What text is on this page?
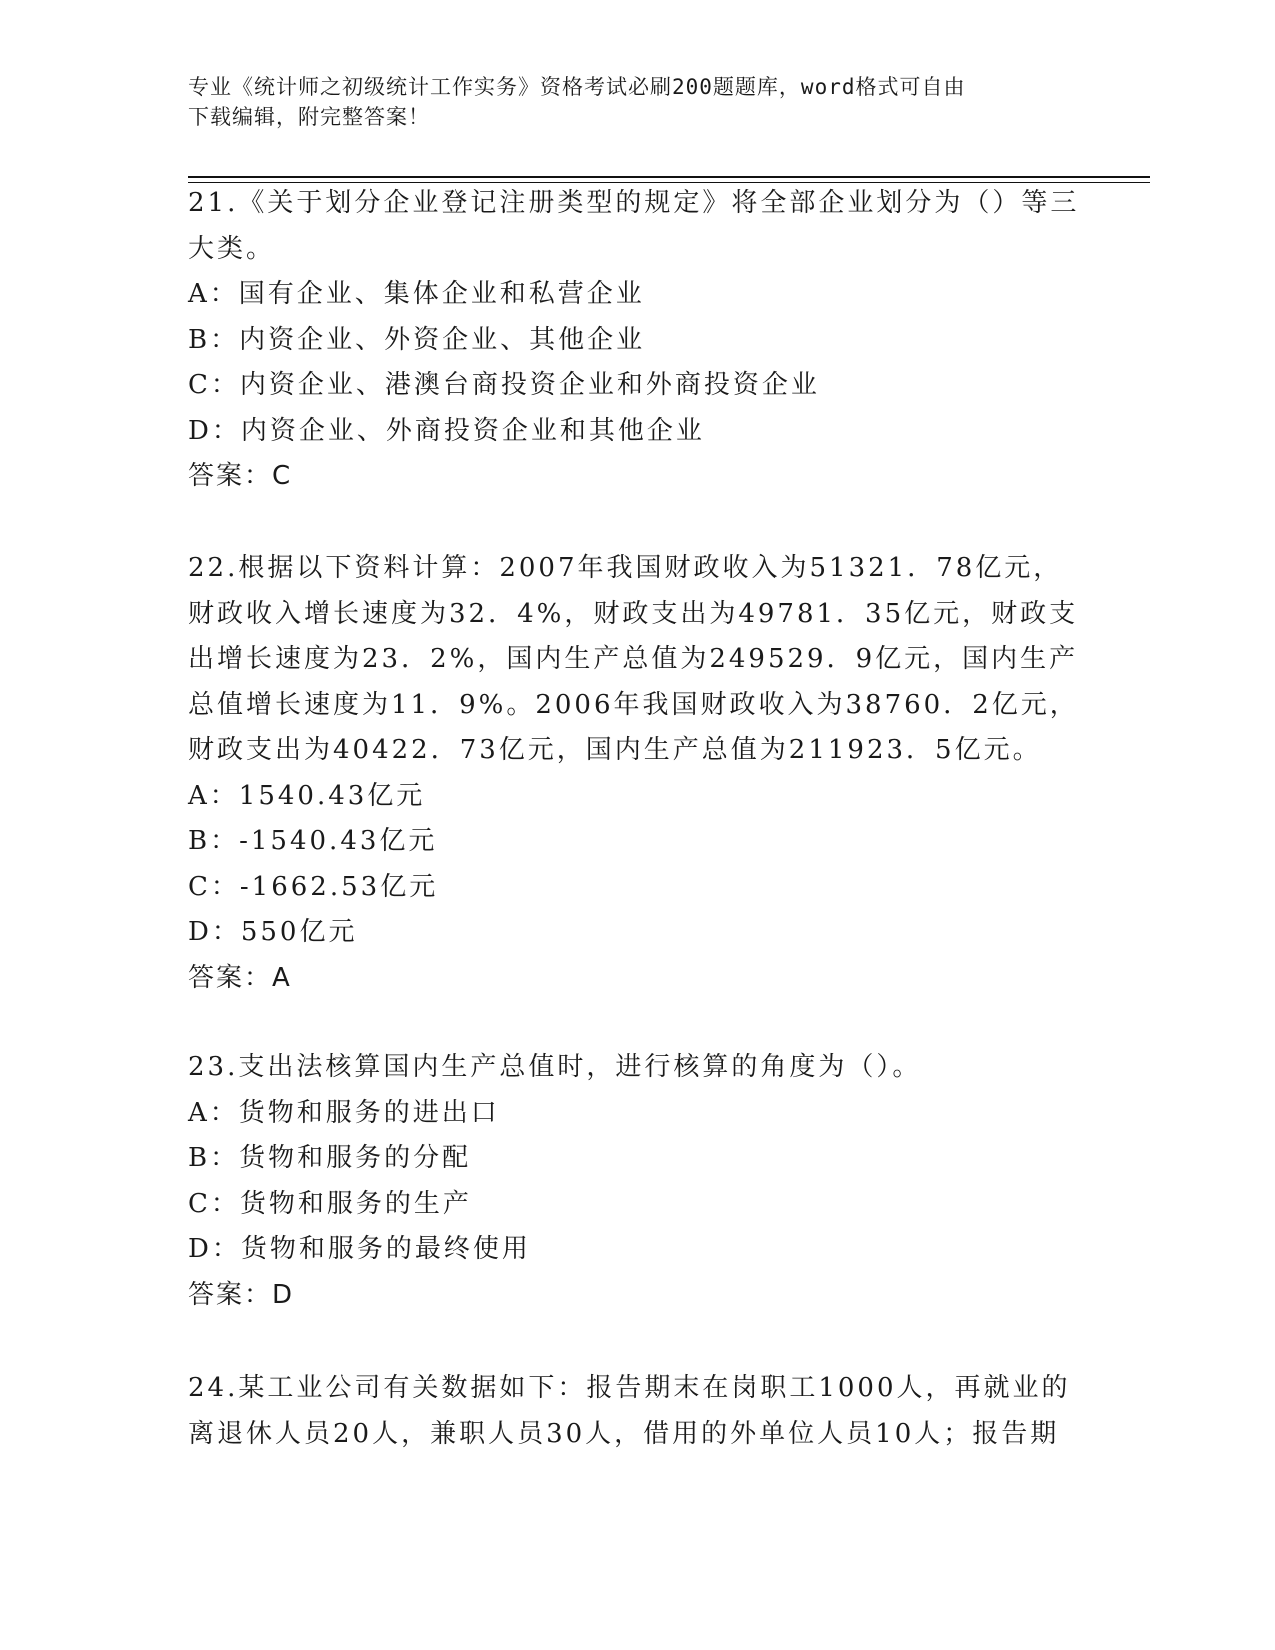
专业《统计师之初级统计工作实务》资格考试必刷200题题库，word格式可自由
下载编辑，附完整答案！

21.《关于划分企业登记注册类型的规定》将全部企业划分为（）等三大类。

A：国有企业、集体企业和私营企业

B：内资企业、外资企业、其他企业

C：内资企业、港澳台商投资企业和外商投资企业

D：内资企业、外商投资企业和其他企业

答案：C

22.根据以下资料计算：2007年我国财政收入为51321．78亿元，财政收入增长速度为32．4%，财政支出为49781．35亿元，财政支出增长速度为23．2%，国内生产总值为249529．9亿元，国内生产总值增长速度为11．9%。2006年我国财政收入为38760．2亿元，财政支出为40422．73亿元，国内生产总值为211923．5亿元。

A：1540.43亿元

B：-1540.43亿元

C：-1662.53亿元

D：550亿元

答案：A

23.支出法核算国内生产总值时，进行核算的角度为（）。

A：货物和服务的进出口

B：货物和服务的分配

C：货物和服务的生产

D：货物和服务的最终使用

答案：D

24.某工业公司有关数据如下：报告期末在岗职工1000人，再就业的离退休人员20人，兼职人员30人，借用的外单位人员10人；报告期
